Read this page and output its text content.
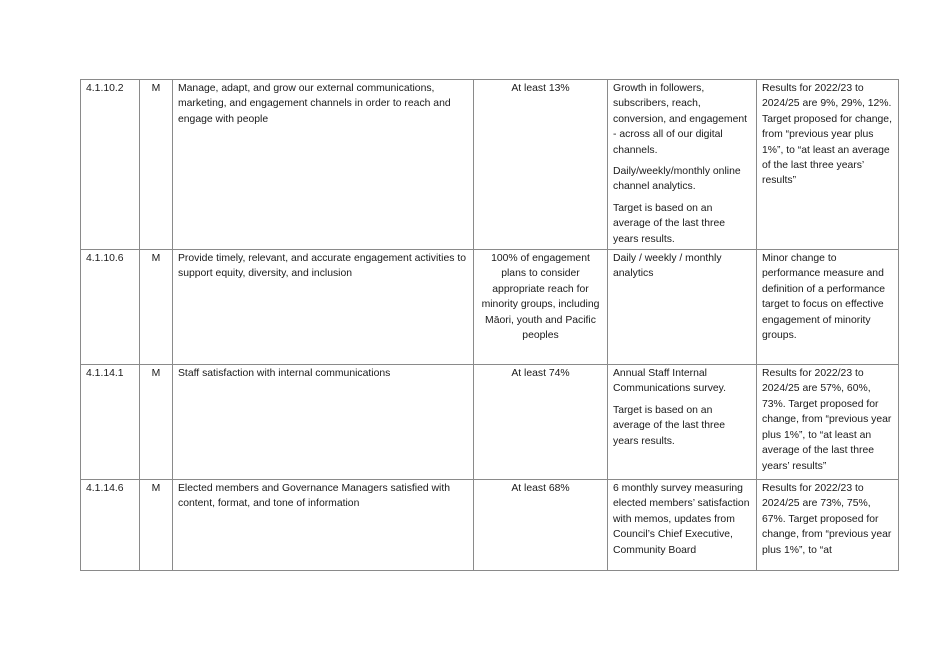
4.1.10.2	M	Manage, adapt, and grow our external communications, marketing, and engagement channels in order to reach and engage with people	At least 13%	Growth in followers, subscribers, reach, conversion, and engagement - across all of our digital channels.

Daily/weekly/monthly online channel analytics.

Target is based on an average of the last three years results.	Results for 2022/23 to 2024/25 are 9%, 29%, 12%. Target proposed for change, from “previous year plus 1%”, to “at least an average of the last three years’ results”
4.1.10.6	M	Provide timely, relevant, and accurate engagement activities to support equity, diversity, and inclusion	100% of engagement plans to consider appropriate reach for minority groups, including Māori, youth and Pacific peoples	Daily / weekly / monthly analytics	Minor change to performance measure and definition of a performance target to focus on effective engagement of minority groups.
4.1.14.1	M	Staff satisfaction with internal communications	At least 74%	Annual Staff Internal Communications survey.

Target is based on an average of the last three years results.	Results for 2022/23 to 2024/25 are 57%, 60%, 73%. Target proposed for change, from “previous year plus 1%”, to “at least an average of the last three years’ results”
4.1.14.6	M	Elected members and Governance Managers satisfied with content, format, and tone of information	At least 68%	6 monthly survey measuring elected members’ satisfaction with memos, updates from Council’s Chief Executive, Community Board	Results for 2022/23 to 2024/25 are 73%, 75%, 67%. Target proposed for change, from “previous year plus 1%”, to “at
